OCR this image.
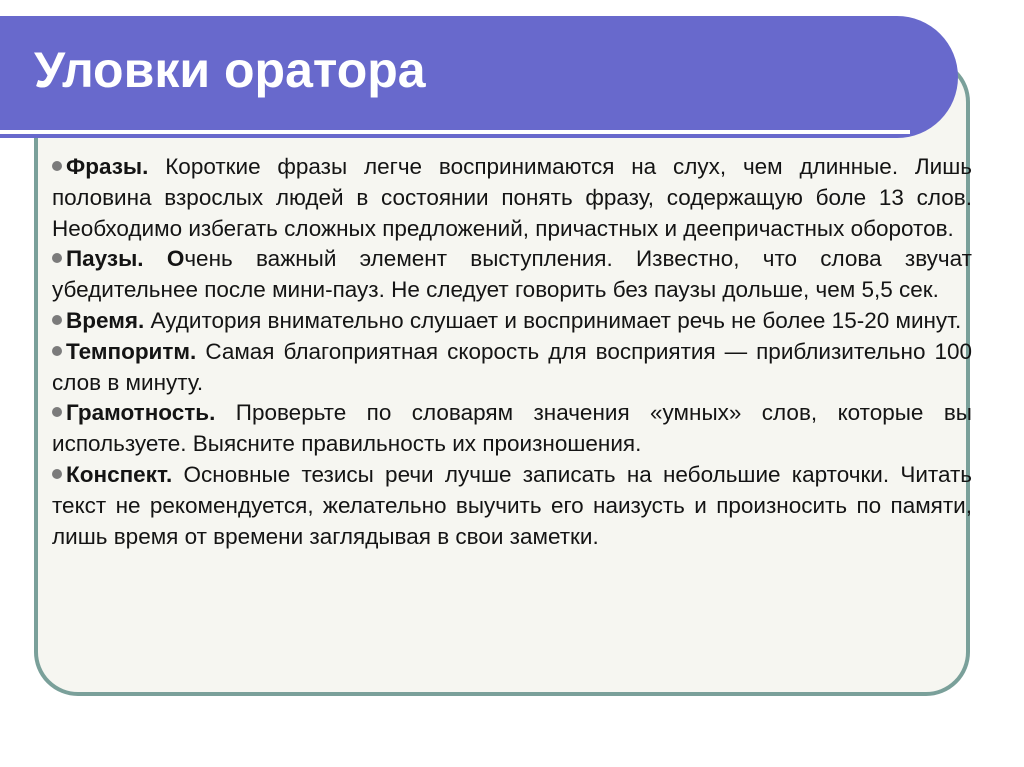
Уловки оратора

Фразы. Короткие фразы легче воспринимаются на слух, чем длинные. Лишь половина взрослых людей в состоянии понять фразу, содержащую боле 13 слов. Необходимо избегать сложных предложений, причастных и деепричастных оборотов.

Паузы. Очень важный элемент выступления. Известно, что слова звучат убедительнее после мини-пауз. Не следует говорить без паузы дольше, чем 5,5 сек.

Время. Аудитория внимательно слушает и воспринимает речь не более 15-20 минут.

Темпоритм. Самая благоприятная скорость для восприятия — приблизительно 100 слов в минуту.

Грамотность. Проверьте по словарям значения «умных» слов, которые вы используете. Выясните правильность их произношения.

Конспект. Основные тезисы речи лучше записать на небольшие карточки. Читать текст не рекомендуется, желательно выучить его наизусть и произносить по памяти, лишь время от времени заглядывая в свои заметки.
